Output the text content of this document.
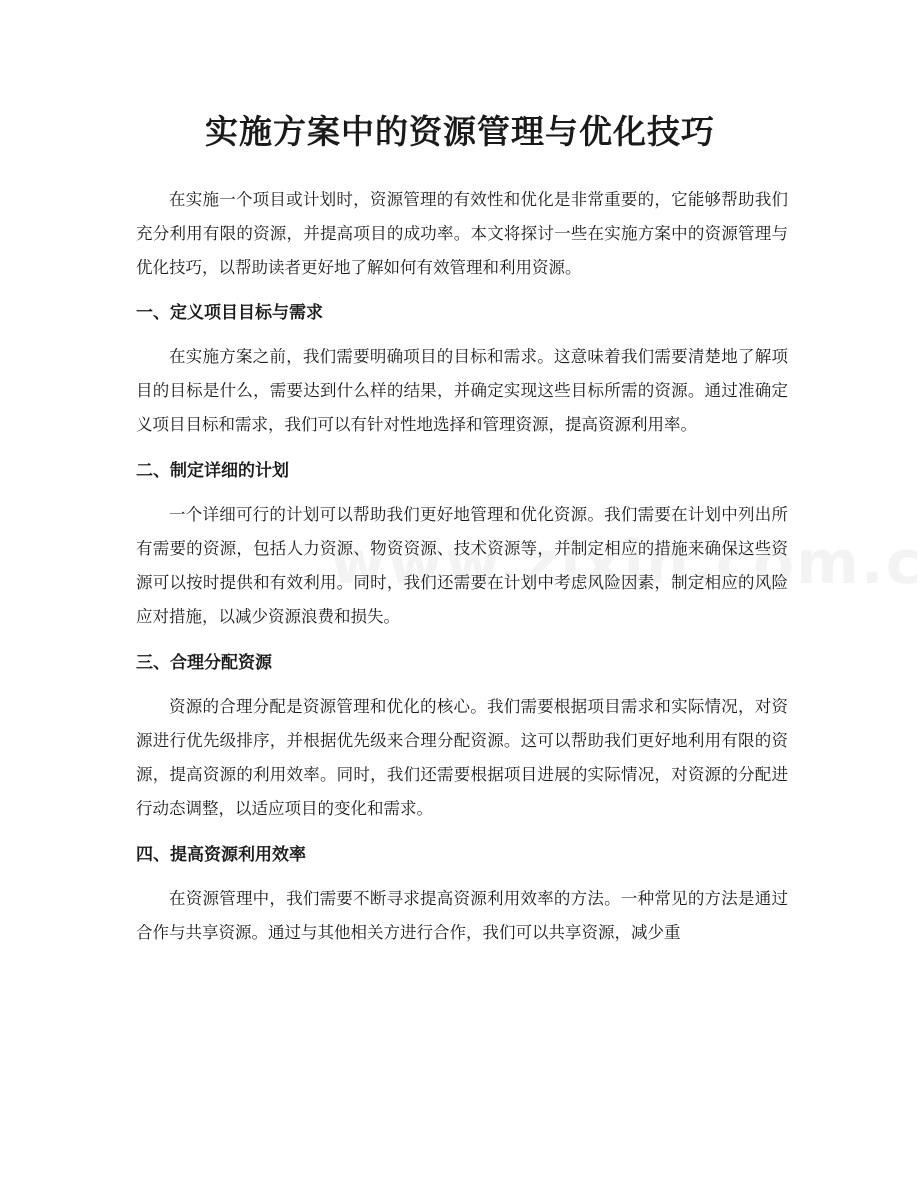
实施方案中的资源管理与优化技巧

在实施一个项目或计划时，资源管理的有效性和优化是非常重要的，它能够帮助我们充分利用有限的资源，并提高项目的成功率。本文将探讨一些在实施方案中的资源管理与优化技巧，以帮助读者更好地了解如何有效管理和利用资源。

一、定义项目目标与需求

在实施方案之前，我们需要明确项目的目标和需求。这意味着我们需要清楚地了解项目的目标是什么，需要达到什么样的结果，并确定实现这些目标所需的资源。通过准确定义项目目标和需求，我们可以有针对性地选择和管理资源，提高资源利用率。

二、制定详细的计划

一个详细可行的计划可以帮助我们更好地管理和优化资源。我们需要在计划中列出所有需要的资源，包括人力资源、物资资源、技术资源等，并制定相应的措施来确保这些资源可以按时提供和有效利用。同时，我们还需要在计划中考虑风险因素，制定相应的风险应对措施，以减少资源浪费和损失。

三、合理分配资源

资源的合理分配是资源管理和优化的核心。我们需要根据项目需求和实际情况，对资源进行优先级排序，并根据优先级来合理分配资源。这可以帮助我们更好地利用有限的资源，提高资源的利用效率。同时，我们还需要根据项目进展的实际情况，对资源的分配进行动态调整，以适应项目的变化和需求。

四、提高资源利用效率

在资源管理中，我们需要不断寻求提高资源利用效率的方法。一种常见的方法是通过合作与共享资源。通过与其他相关方进行合作，我们可以共享资源，减少重
